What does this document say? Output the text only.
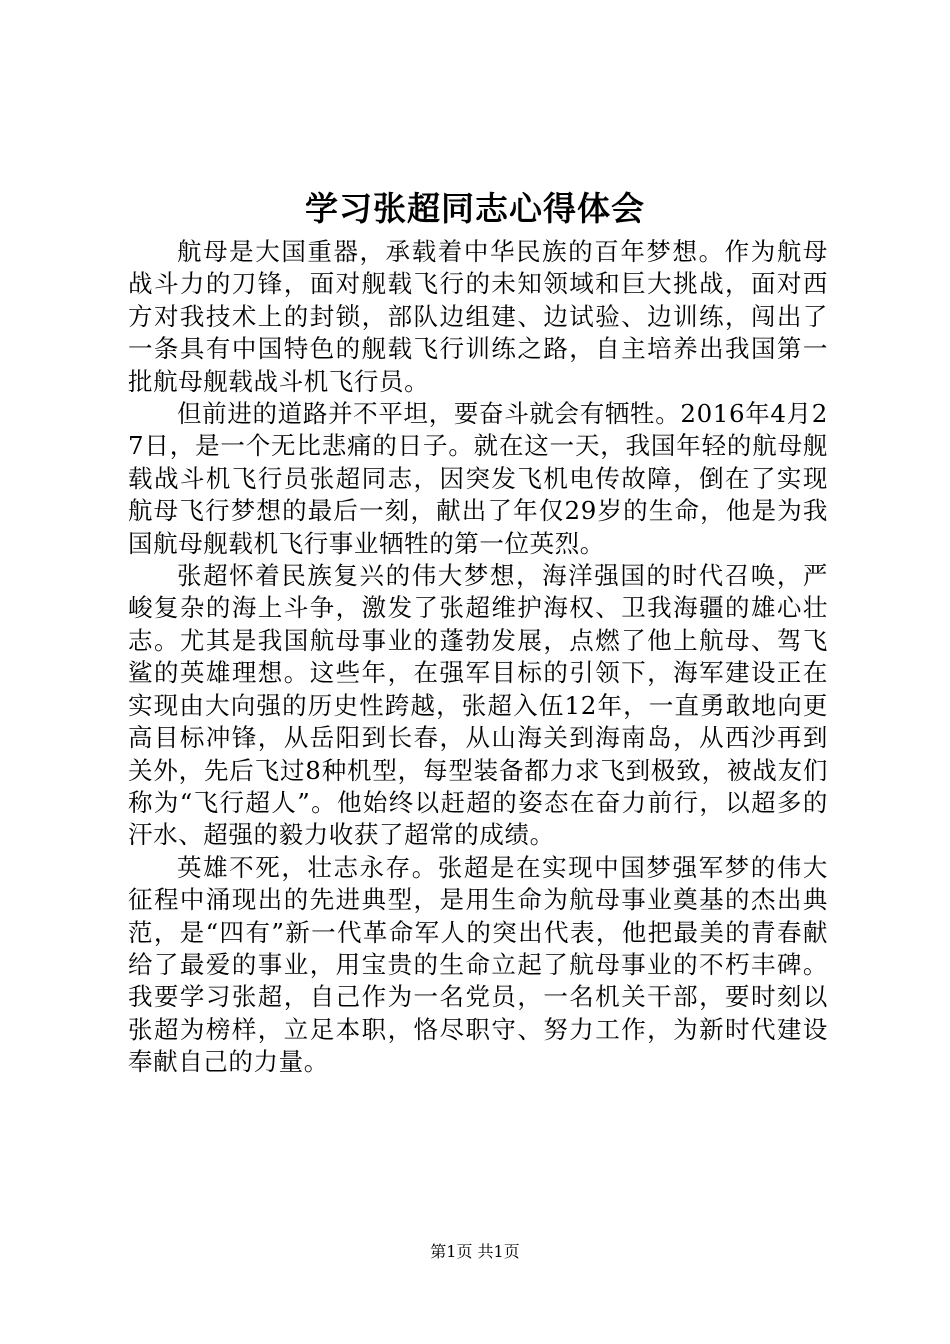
学习张超同志心得体会

航母是大国重器，承载着中华民族的百年梦想。作为航母战斗力的刀锋，面对舰载飞行的未知领域和巨大挑战，面对西方对我技术上的封锁，部队边组建、边试验、边训练，闯出了一条具有中国特色的舰载飞行训练之路，自主培养出我国第一批航母舰载战斗机飞行员。

但前进的道路并不平坦，要奋斗就会有牺牲。2016年4月27日，是一个无比悲痛的日子。就在这一天，我国年轻的航母舰载战斗机飞行员张超同志，因突发飞机电传故障，倒在了实现航母飞行梦想的最后一刻，献出了年仅29岁的生命，他是为我国航母舰载机飞行事业牺牲的第一位英烈。

张超怀着民族复兴的伟大梦想，海洋强国的时代召唤，严峻复杂的海上斗争，激发了张超维护海权、卫我海疆的雄心壮志。尤其是我国航母事业的蓬勃发展，点燃了他上航母、驾飞鲨的英雄理想。这些年，在强军目标的引领下，海军建设正在实现由大向强的历史性跨越，张超入伍12年，一直勇敢地向更高目标冲锋，从岳阳到长春，从山海关到海南岛，从西沙再到关外，先后飞过8种机型，每型装备都力求飞到极致，被战友们称为“飞行超人”。他始终以赶超的姿态在奋力前行，以超多的汗水、超强的毅力收获了超常的成绩。

英雄不死，壮志永存。张超是在实现中国梦强军梦的伟大征程中涌现出的先进典型，是用生命为航母事业奠基的杰出典范，是“四有”新一代革命军人的突出代表，他把最美的青春献给了最爱的事业，用宝贵的生命立起了航母事业的不朽丰碑。我要学习张超，自己作为一名党员，一名机关干部，要时刻以张超为榜样，立足本职，恪尽职守、努力工作，为新时代建设奉献自己的力量。

第1页 共1页
